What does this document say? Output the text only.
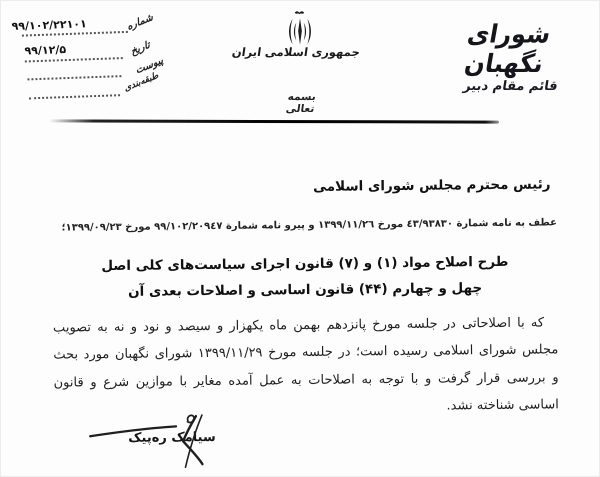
۹۹/۱۰۲/۲۲۱۰۱	شماره
۹۹/۱۲/۵	تاریخ
پیوست
طبقه‌بندی
جمهوری اسلامی ایران
بسمه تعالی
شورای نگهبان
قائم مقام دبیر
رئیس محترم مجلس شورای اسلامی
عطف به نامه شمارة ٤٣/٩٣٨٣٠ مورخ ١٣٩٩/١١/٢٦ و پیرو نامه شمارة ٩٩/١٠٢/٢٠٩٤٧ مورخ ١٣٩٩/٠٩/٢٣؛
طرح اصلاح مواد (۱) و (۷) قانون اجرای سیاست‌های کلی اصل
چهل و چهارم (۴۴) قانون اساسی و اصلاحات بعدی آن
که با اصلاحاتی در جلسه مورخ پانزدهم بهمن ماه یکهزار و سیصد و نود و نه به تصویب
مجلس شورای اسلامی رسیده است؛ در جلسه مورخ ۱۳۹۹/۱۱/۲۹ شورای نگهبان مورد بحث
و بررسی قرار گرفت و با توجه به اصلاحات به عمل آمده مغایر با موازین شرع و قانون
اساسی شناخته نشد.
سیامک ره‌پیک
